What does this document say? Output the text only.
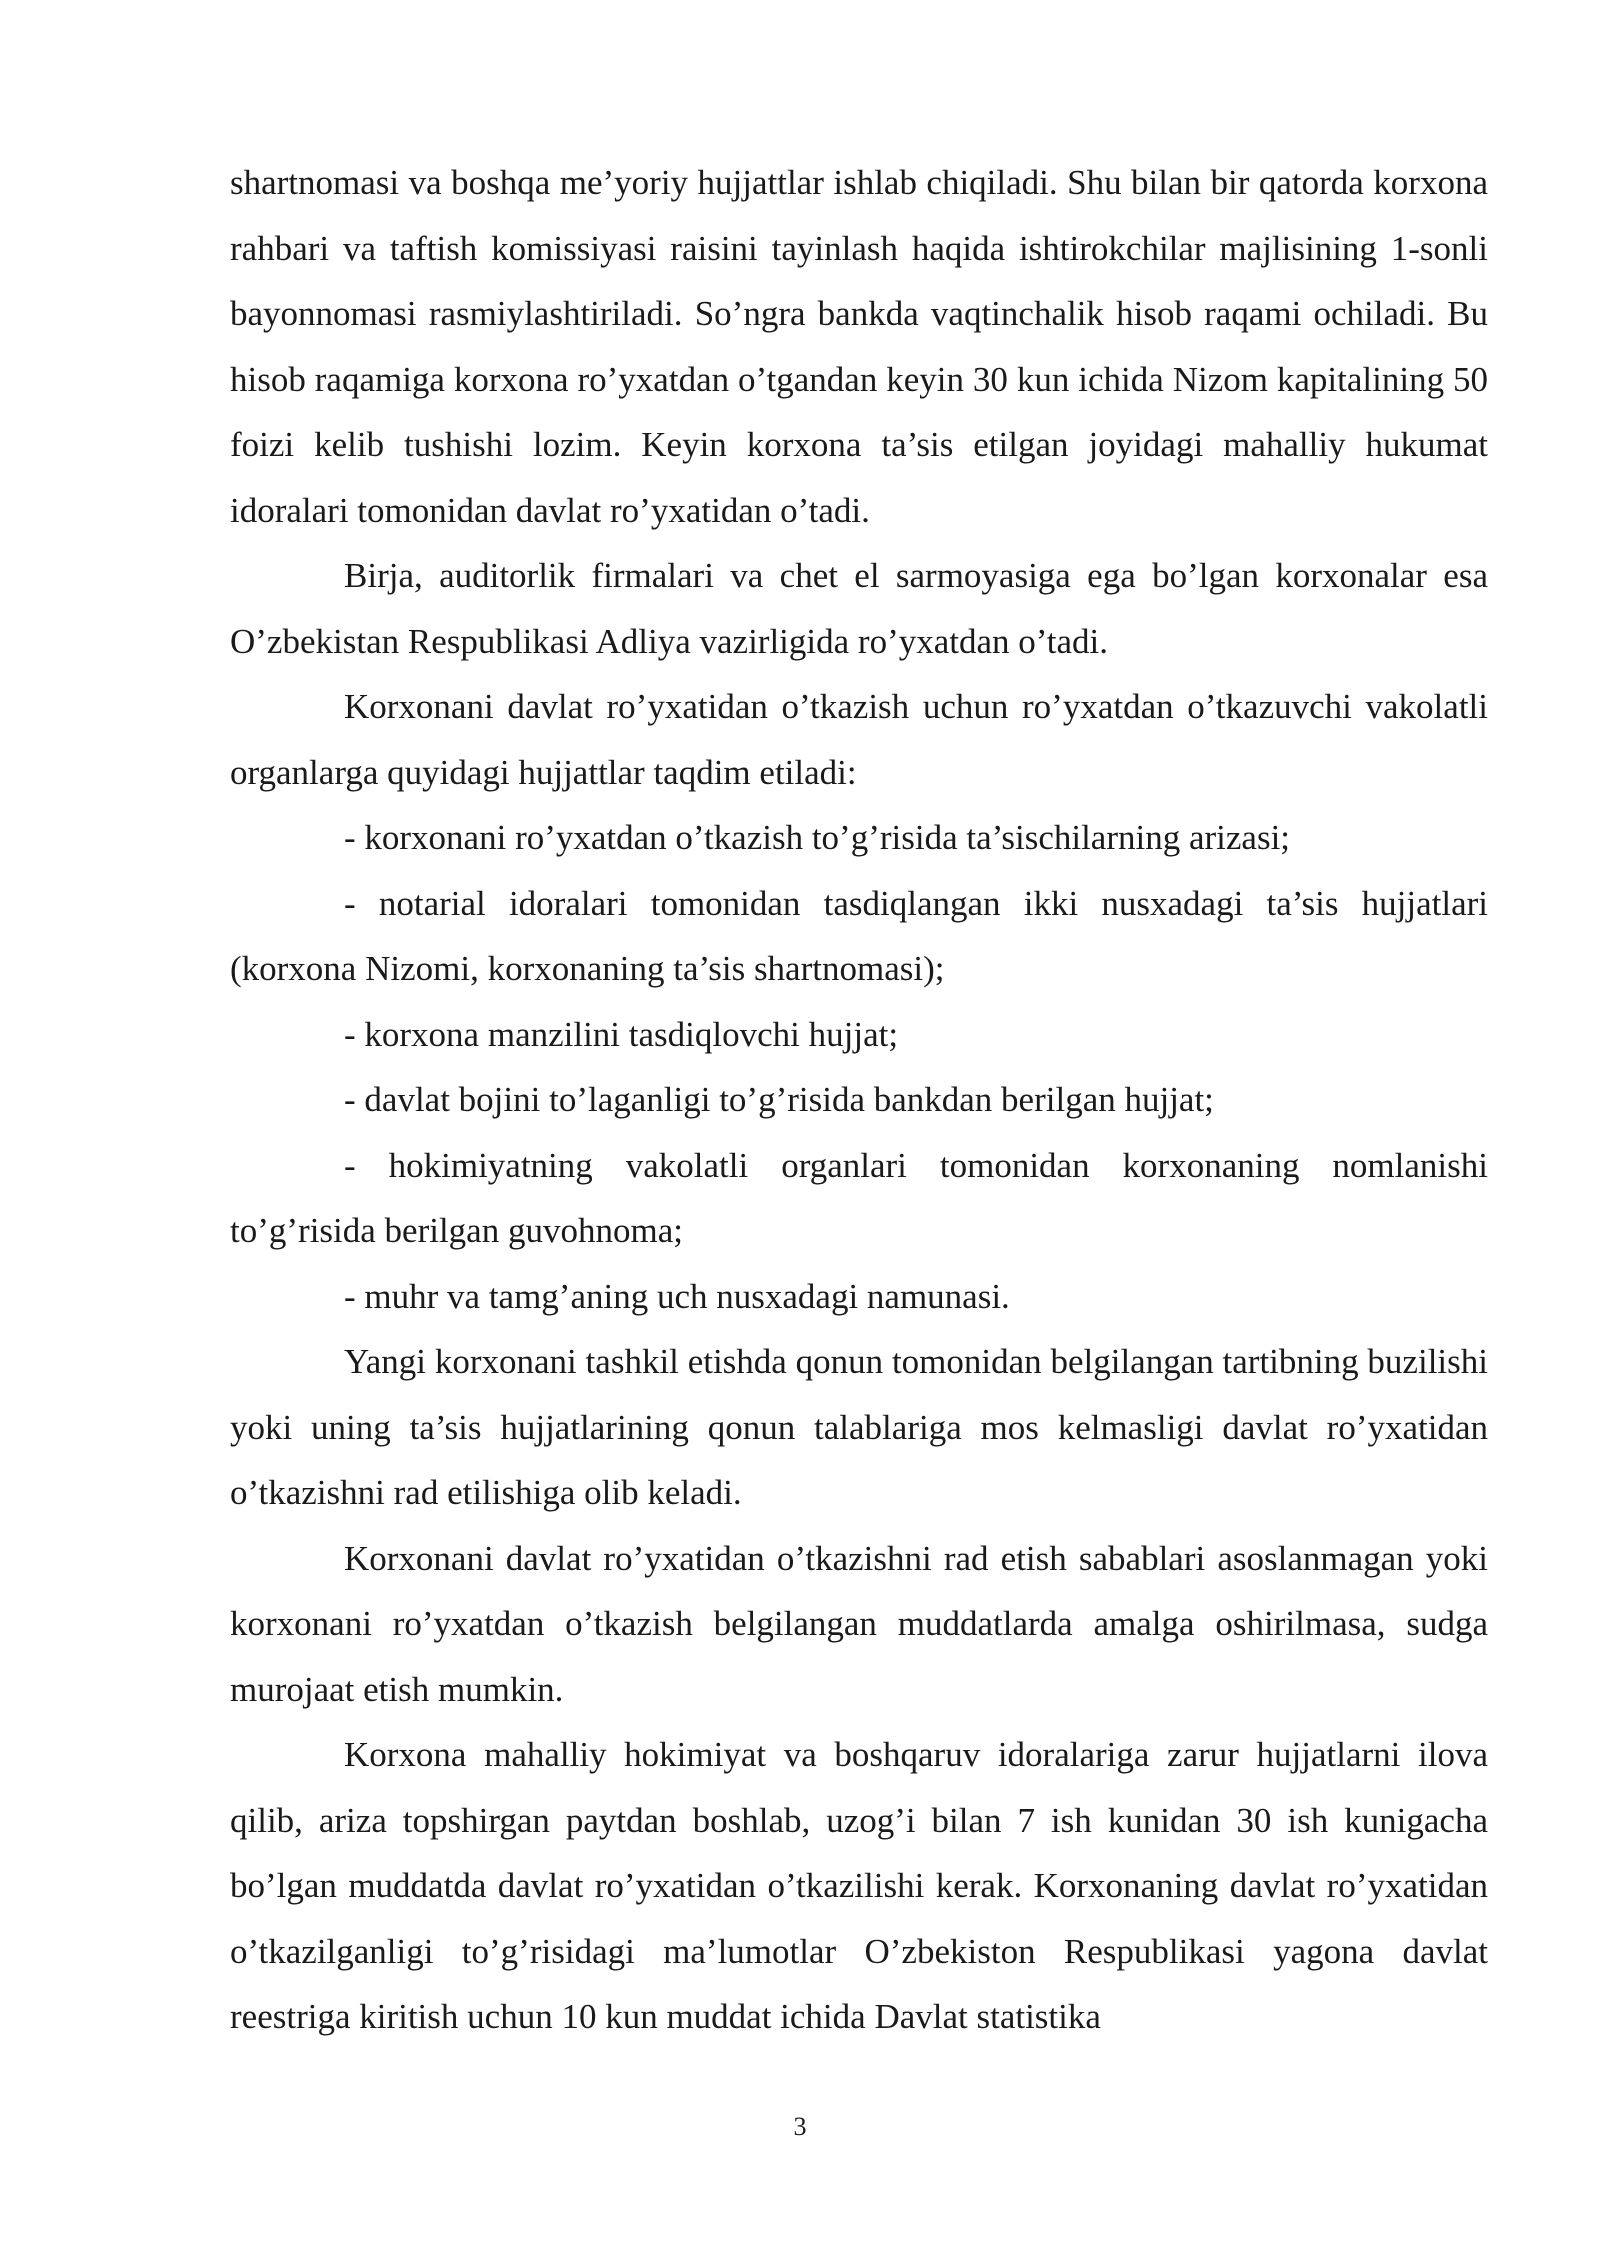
shartnomasi va boshqa me’yoriy hujjattlar ishlab chiqiladi. Shu bilan bir qatorda korxona rahbari va taftish komissiyasi raisini tayinlash haqida ishtirokchilar majlisining 1-sonli bayonnomasi rasmiylashtiriladi. So’ngra bankda vaqtinchalik hisob raqami ochiladi. Bu hisob raqamiga korxona ro’yxatdan o’tgandan keyin 30 kun ichida Nizom kapitalining 50 foizi kelib tushishi lozim. Keyin korxona ta’sis etilgan joyidagi mahalliy hukumat idoralari tomonidan davlat ro’yxatidan o’tadi.

Birja, auditorlik firmalari va chet el sarmoyasiga ega bo’lgan korxonalar esa O’zbekistan Respublikasi Adliya vazirligida ro’yxatdan o’tadi.

Korxonani davlat ro’yxatidan o’tkazish uchun ro’yxatdan o’tkazuvchi vakolatli organlarga quyidagi hujjattlar taqdim etiladi:

- korxonani ro’yxatdan o’tkazish to’g’risida ta’sischilarning arizasi;

- notarial idoralari tomonidan tasdiqlangan ikki nusxadagi ta’sis hujjatlari (korxona Nizomi, korxonaning ta’sis shartnomasi);

- korxona manzilini tasdiqlovchi hujjat;

- davlat bojini to’laganligi to’g’risida bankdan berilgan hujjat;

- hokimiyatning vakolatli organlari tomonidan korxonaning nomlanishi to’g’risida berilgan guvohnoma;

- muhr va tamg’aning uch nusxadagi namunasi.

Yangi korxonani tashkil etishda qonun tomonidan belgilangan tartibning buzilishi yoki uning ta’sis hujjatlarining qonun talablariga mos kelmasligi davlat ro’yxatidan o’tkazishni rad etilishiga olib keladi.

Korxonani davlat ro’yxatidan o’tkazishni rad etish sabablari asoslanmagan yoki korxonani ro’yxatdan o’tkazish belgilangan muddatlarda amalga oshirilmasa, sudga murojaat etish mumkin.

Korxona mahalliy hokimiyat va boshqaruv idoralariga zarur hujjatlarni ilova qilib, ariza topshirgan paytdan boshlab, uzog’i bilan 7 ish kunidan 30 ish kunigacha bo’lgan muddatda davlat ro’yxatidan o’tkazilishi kerak. Korxonaning davlat ro’yxatidan o’tkazilganligi to’g’risidagi ma’lumotlar O’zbekiston Respublikasi yagona davlat reestriga kiritish uchun 10 kun muddat ichida Davlat statistika

3
